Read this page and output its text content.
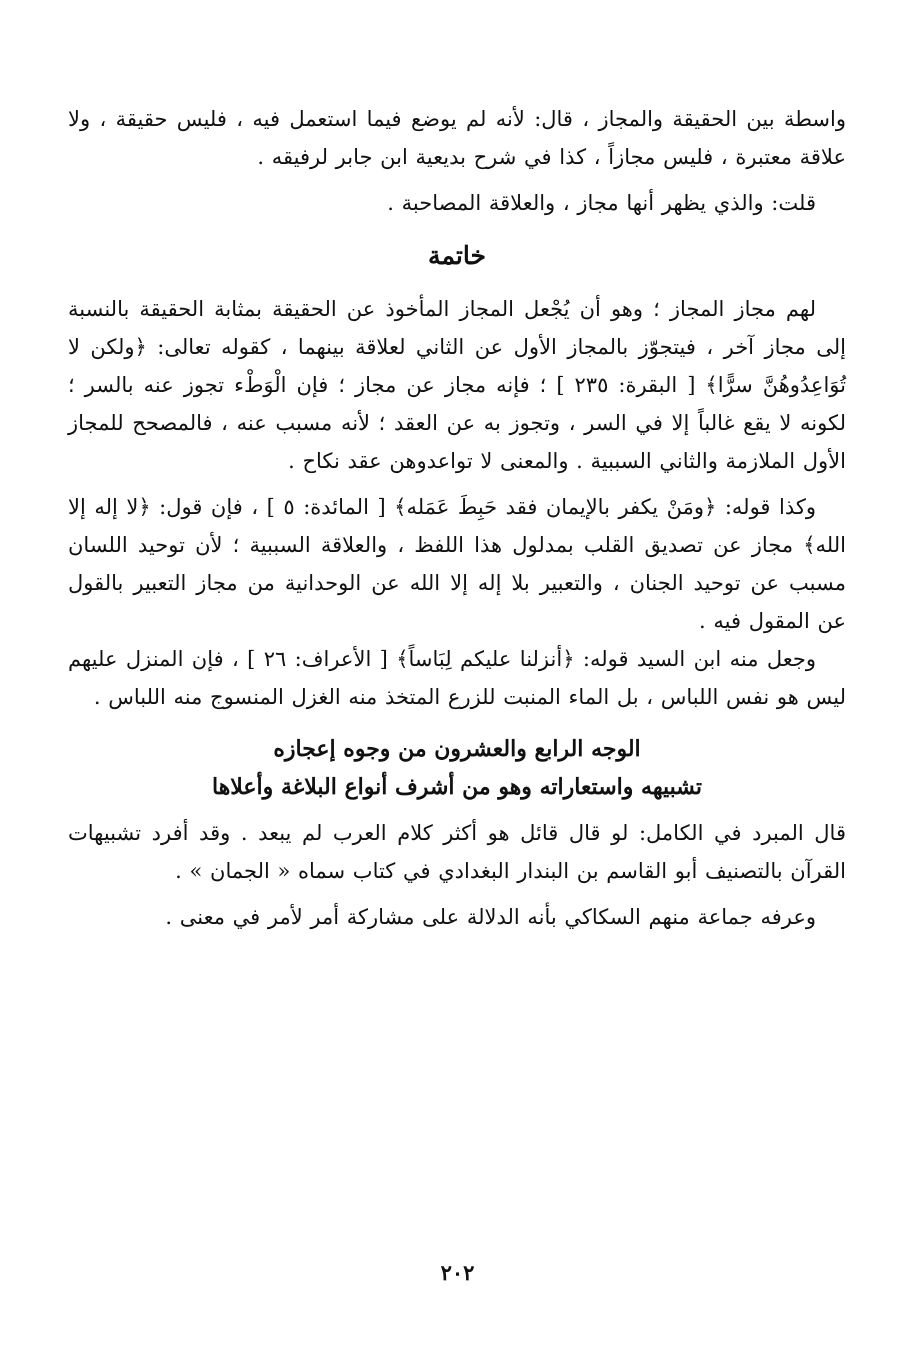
واسطة بين الحقيقة والمجاز ، قال: لأنه لم يوضع فيما استعمل فيه ، فليس حقيقة ، ولا علاقة معتبرة ، فليس مجازاً ، كذا في شرح بديعية ابن جابر لرفيقه .

قلت: والذي يظهر أنها مجاز ، والعلاقة المصاحبة .

خاتمة

لهم مجاز المجاز ؛ وهو أن يُجْعل المجاز المأخوذ عن الحقيقة بمثابة الحقيقة بالنسبة إلى مجاز آخر ، فيتجوّز بالمجاز الأول عن الثاني لعلاقة بينهما ، كقوله تعالى: ﴿ولكن لا تُوَاعِدُوهُنَّ سرًّا﴾ [ البقرة: ٢٣٥ ] ؛ فإنه مجاز عن مجاز ؛ فإن الْوَطْء تجوز عنه بالسر ؛ لكونه لا يقع غالباً إلا في السر ، وتجوز به عن العقد ؛ لأنه مسبب عنه ، فالمصحح للمجاز الأول الملازمة والثاني السببية . والمعنى لا تواعدوهن عقد نكاح .

وكذا قوله: ﴿ومَنْ يكفر بالإيمان فقد حَبِطَ عَمَله﴾ [ المائدة: ٥ ] ، فإن قول: ﴿لا إله إلا الله﴾ مجاز عن تصديق القلب بمدلول هذا اللفظ ، والعلاقة السببية ؛ لأن توحيد اللسان مسبب عن توحيد الجنان ، والتعبير بلا إله إلا الله عن الوحدانية من مجاز التعبير بالقول عن المقول فيه .

وجعل منه ابن السيد قوله: ﴿أنزلنا عليكم لِبَاساً﴾ [ الأعراف: ٢٦ ] ، فإن المنزل عليهم ليس هو نفس اللباس ، بل الماء المنبت للزرع المتخذ منه الغزل المنسوج منه اللباس .

الوجه الرابع والعشرون من وجوه إعجازه
تشبيهه واستعاراته وهو من أشرف أنواع البلاغة وأعلاها

قال المبرد في الكامل: لو قال قائل هو أكثر كلام العرب لم يبعد . وقد أفرد تشبيهات القرآن بالتصنيف أبو القاسم بن البندار البغدادي في كتاب سماه « الجمان » .

وعرفه جماعة منهم السكاكي بأنه الدلالة على مشاركة أمر لأمر في معنى .

٢٠٢
